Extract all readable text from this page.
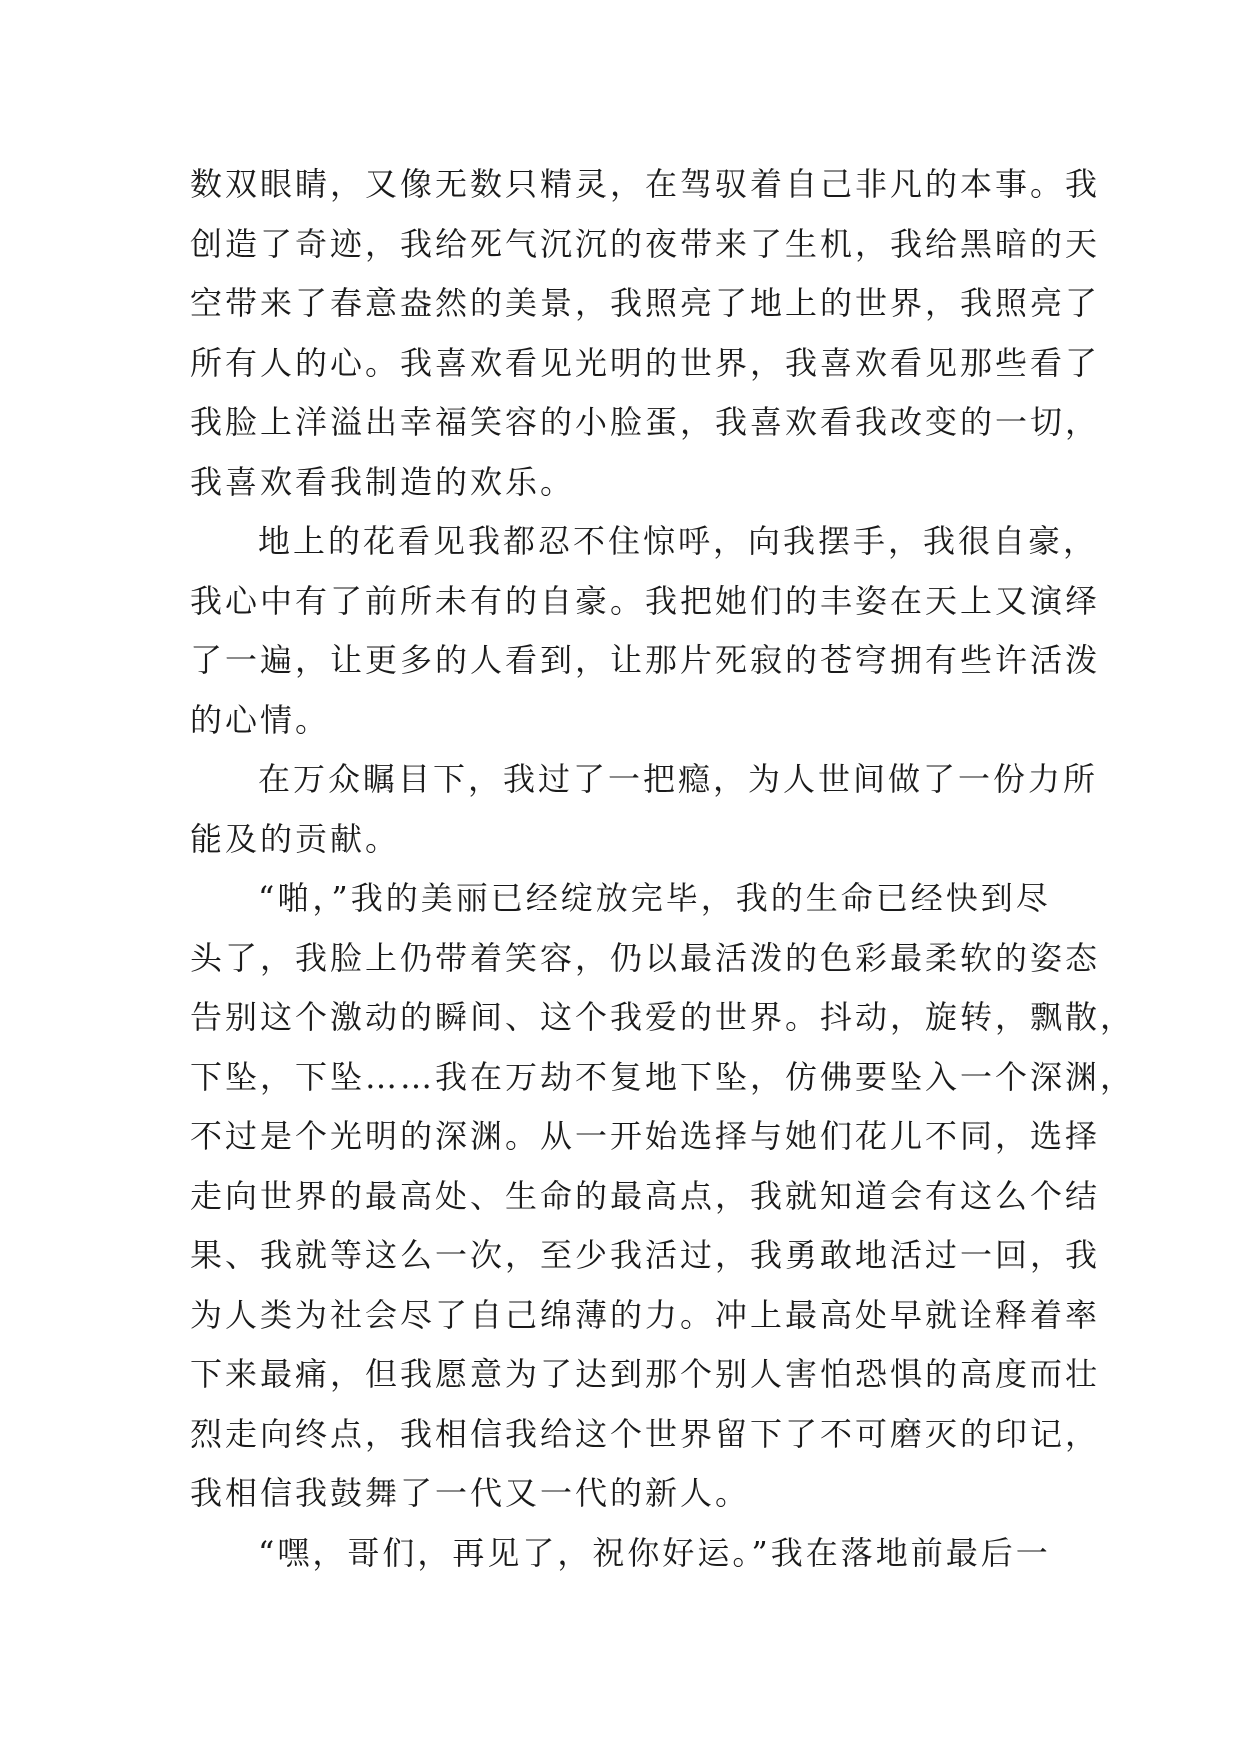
数双眼睛，又像无数只精灵，在驾驭着自己非凡的本事。我
创造了奇迹，我给死气沉沉的夜带来了生机，我给黑暗的天
空带来了春意盎然的美景，我照亮了地上的世界，我照亮了
所有人的心。我喜欢看见光明的世界，我喜欢看见那些看了
我脸上洋溢出幸福笑容的小脸蛋，我喜欢看我改变的一切，
我喜欢看我制造的欢乐。
地上的花看见我都忍不住惊呼，向我摆手，我很自豪，
我心中有了前所未有的自豪。我把她们的丰姿在天上又演绎
了一遍，让更多的人看到，让那片死寂的苍穹拥有些许活泼
的心情。
在万众瞩目下，我过了一把瘾，为人世间做了一份力所
能及的贡献。
“啪，”我的美丽已经绽放完毕，我的生命已经快到尽
头了，我脸上仍带着笑容，仍以最活泼的色彩最柔软的姿态
告别这个激动的瞬间、这个我爱的世界。抖动，旋转，飘散，
下坠，下坠……我在万劫不复地下坠，仿佛要坠入一个深渊，
不过是个光明的深渊。从一开始选择与她们花儿不同，选择
走向世界的最高处、生命的最高点，我就知道会有这么个结
果、我就等这么一次，至少我活过，我勇敢地活过一回，我
为人类为社会尽了自己绵薄的力。冲上最高处早就诠释着率
下来最痛，但我愿意为了达到那个别人害怕恐惧的高度而壮
烈走向终点，我相信我给这个世界留下了不可磨灭的印记，
我相信我鼓舞了一代又一代的新人。
“嘿，哥们，再见了，祝你好运。”我在落地前最后一
